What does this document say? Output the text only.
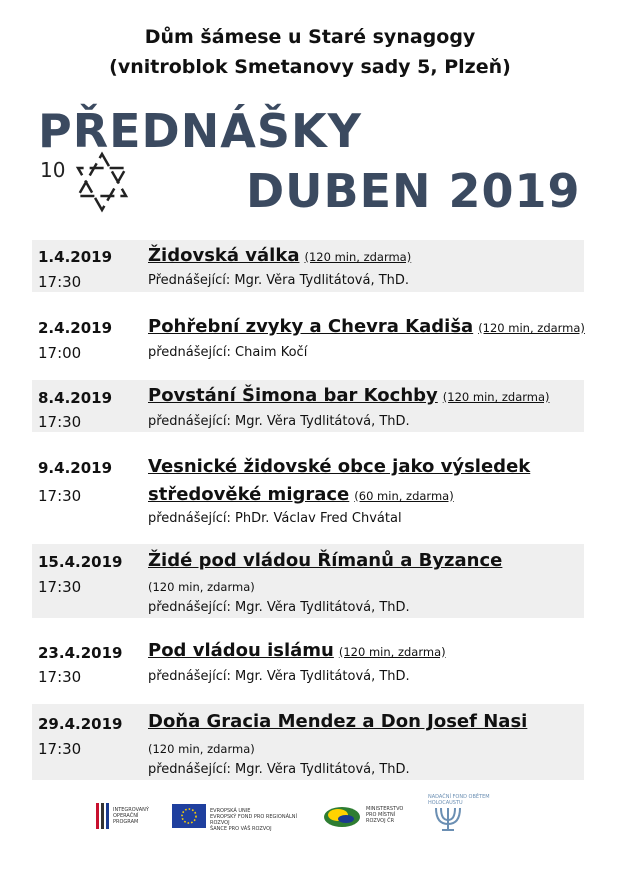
Dům šámese u Staré synagogy
(vnitroblok Smetanovy sady 5, Plzeň)
PŘEDNÁŠKY
DUBEN 2019
10
1.4.2019
17:30
Židovská válka (120 min, zdarma)
Přednášející: Mgr. Věra Tydlitátová, ThD.
2.4.2019
17:00
Pohřební zvyky a Chevra Kadiša (120 min, zdarma)
přednášející: Chaim Kočí
8.4.2019
17:30
Povstání Šimona bar Kochby (120 min, zdarma)
přednášející: Mgr. Věra Tydlitátová, ThD.
9.4.2019
17:30
Vesnické židovské obce jako výsledek
středověké migrace (60 min, zdarma)
přednášející: PhDr. Václav Fred Chvátal
15.4.2019
17:30
Židé pod vládou Římanů a Byzance
(120 min, zdarma)
přednášející: Mgr. Věra Tydlitátová, ThD.
23.4.2019
17:30
Pod vládou islámu (120 min, zdarma)
přednášející: Mgr. Věra Tydlitátová, ThD.
29.4.2019
17:30
Doňa Gracia Mendez a Don Josef Nasi
(120 min, zdarma)
přednášející: Mgr. Věra Tydlitátová, ThD.
INTEGROVANÝ
OPERAČNÍ
PROGRAM
EVROPSKÁ UNIE
EVROPSKÝ FOND PRO REGIONÁLNÍ ROZVOJ
ŠANCE PRO VÁŠ ROZVOJ
MINISTERSTVO
PRO MÍSTNÍ
ROZVOJ ČR
NADAČNÍ FOND OBĚTEM
HOLOCAUSTU
